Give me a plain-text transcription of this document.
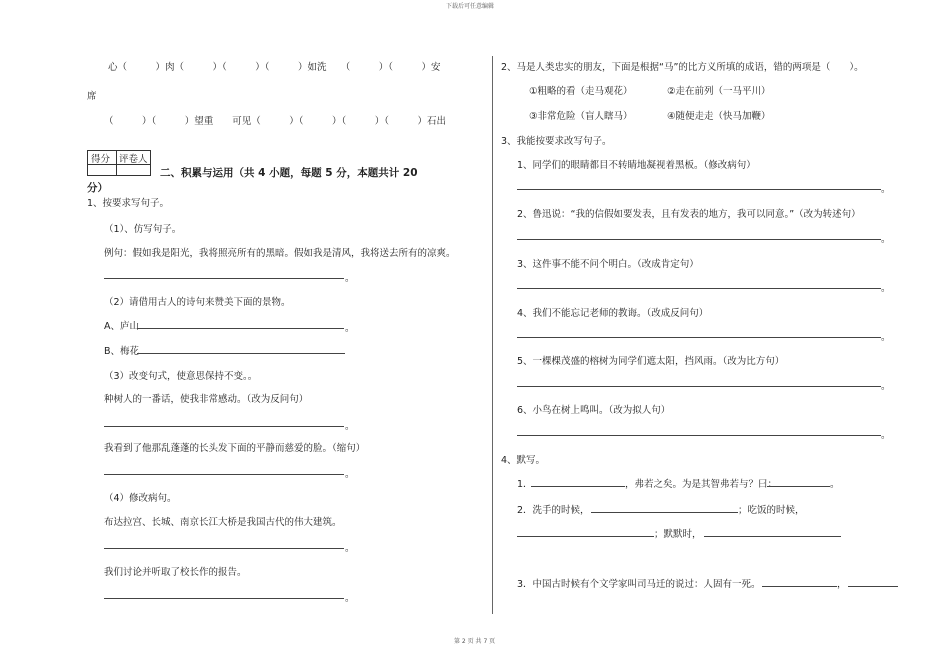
下载后可任意编辑
第 2 页 共 7 页
心（　　　）肉（　　　）（　　　）（　　　）如洗　　（　　　）（　　　）安
席
（　　　）（　　　）望重　　可见（　　　）（　　　）（　　　）（　　　）石出
得分 评卷人
二、积累与运用（共 4 小题，每题 5 分，本题共计 20
分）
1、按要求写句子。
（1）、仿写句子。
例句：假如我是阳光，我将照亮所有的黑暗。假如我是清风，我将送去所有的凉爽。
。
（2）请借用古人的诗句来赞美下面的景物。
A、庐山	。
B、梅花
（3）改变句式，使意思保持不变。。
种树人的一番话，使我非常感动。（改为反问句）
。
我看到了他那乱蓬蓬的长头发下面的平静而慈爱的脸。（缩句）
。
（4）修改病句。
布达拉宫、长城、南京长江大桥是我国古代的伟大建筑。
。
我们讨论并听取了校长作的报告。
。
2、马是人类忠实的朋友，下面是根据“马”的比方义所填的成语，错的两项是（　　）。
①粗略的看（走马观花）	②走在前列（一马平川）
③非常危险（盲人瞎马）	④随便走走（快马加鞭）
3、我能按要求改写句子。
1、同学们的眼睛都目不转睛地凝视着黑板。（修改病句）
。
2、鲁迅说：“我的信假如要发表，且有发表的地方，我可以同意。”（改为转述句）
。
3、这件事不能不问个明白。（改成肯定句）
。
4、我们不能忘记老师的教诲。（改成反问句）
。
5、一棵棵茂盛的榕树为同学们遮太阳，挡风雨。（改为比方句）
。
6、小鸟在树上鸣叫。（改为拟人句）
。
4、默写。
1．	，弗若之矣。为是其智弗若与？曰：	。
2．洗手的时候，	；吃饭的时候，
；默默时，
3．中国古时候有个文学家叫司马迁的说过：人固有一死。	，
